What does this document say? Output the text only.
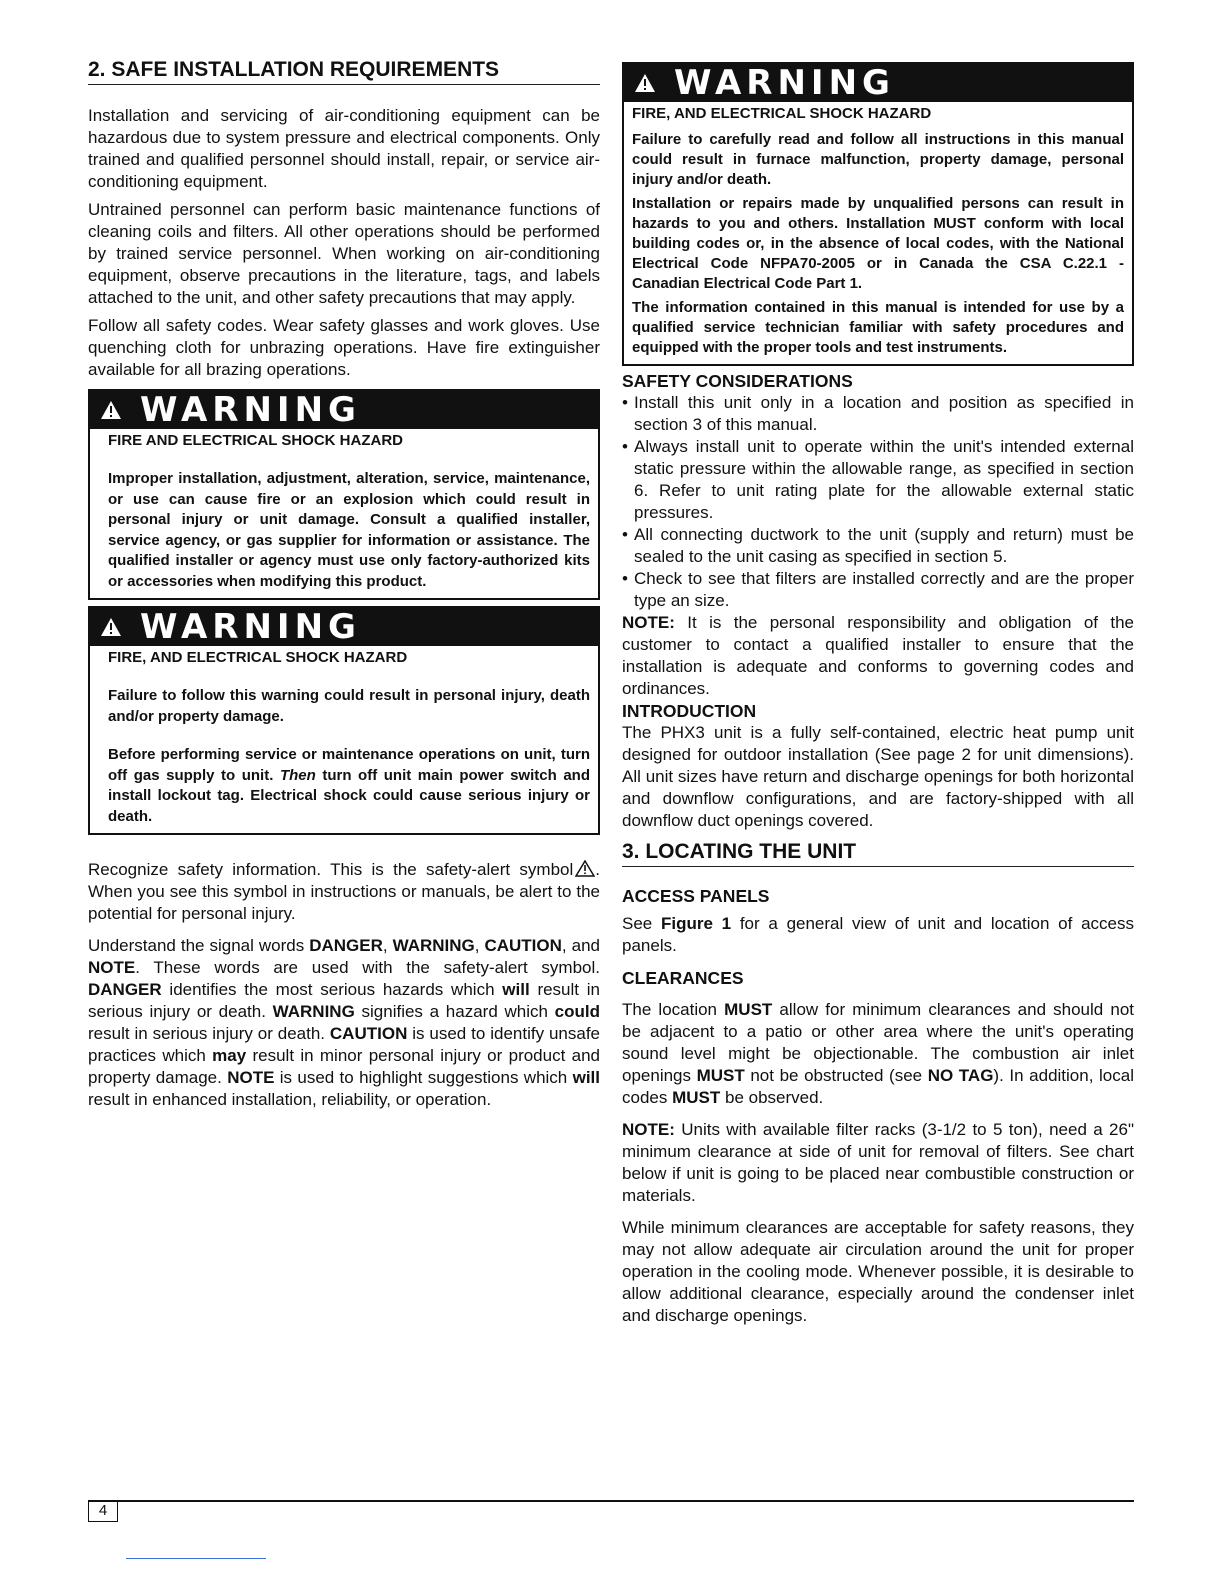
2. SAFE INSTALLATION REQUIREMENTS

Installation and servicing of air-conditioning equipment can be hazardous due to system pressure and electrical components. Only trained and qualified personnel should install, repair, or service air-conditioning equipment.

Untrained personnel can perform basic maintenance functions of cleaning coils and filters. All other operations should be performed by trained service personnel. When working on air-conditioning equipment, observe precautions in the literature, tags, and labels attached to the unit, and other safety precautions that may apply.

Follow all safety codes. Wear safety glasses and work gloves. Use quenching cloth for unbrazing operations. Have fire extinguisher available for all brazing operations.

WARNING

FIRE AND ELECTRICAL SHOCK HAZARD

Improper installation, adjustment, alteration, service, maintenance, or use can cause fire or an explosion which could result in personal injury or unit damage. Consult a qualified installer, service agency, or gas supplier for information or assistance. The qualified installer or agency must use only factory-authorized kits or accessories when modifying this product.

WARNING

FIRE, AND ELECTRICAL SHOCK HAZARD

Failure to follow this warning could result in personal injury, death and/or property damage.

Before performing service or maintenance operations on unit, turn off gas supply to unit. Then turn off unit main power switch and install lockout tag. Electrical shock could cause serious injury or death.

Recognize safety information. This is the safety-alert symbol . When you see this symbol in instructions or manuals, be alert to the potential for personal injury.

Understand the signal words DANGER, WARNING, CAUTION, and NOTE. These words are used with the safety-alert symbol. DANGER identifies the most serious hazards which will result in serious injury or death. WARNING signifies a hazard which could result in serious injury or death. CAUTION is used to identify unsafe practices which may result in minor personal injury or product and property damage. NOTE is used to highlight suggestions which will result in enhanced installation, reliability, or operation.

WARNING

FIRE, AND ELECTRICAL SHOCK HAZARD

Failure to carefully read and follow all instructions in this manual could result in furnace malfunction, property damage, personal injury and/or death.

Installation or repairs made by unqualified persons can result in hazards to you and others. Installation MUST conform with local building codes or, in the absence of local codes, with the National Electrical Code NFPA70-2005 or in Canada the CSA C.22.1 - Canadian Electrical Code Part 1.

The information contained in this manual is intended for use by a qualified service technician familiar with safety procedures and equipped with the proper tools and test instruments.

SAFETY CONSIDERATIONS
• Install this unit only in a location and position as specified in section 3 of this manual.
• Always install unit to operate within the unit's intended external static pressure within the allowable range, as specified in section 6. Refer to unit rating plate for the allowable external static pressures.
• All connecting ductwork to the unit (supply and return) must be sealed to the unit casing as specified in section 5.
• Check to see that filters are installed correctly and are the proper type an size.

NOTE: It is the personal responsibility and obligation of the customer to contact a qualified installer to ensure that the installation is adequate and conforms to governing codes and ordinances.

INTRODUCTION

The PHX3 unit is a fully self-contained, electric heat pump unit designed for outdoor installation (See page 2 for unit dimensions). All unit sizes have return and discharge openings for both horizontal and downflow configurations, and are factory-shipped with all downflow duct openings covered.

3. LOCATING THE UNIT
ACCESS PANELS

See Figure 1 for a general view of unit and location of access panels.

CLEARANCES

The location MUST allow for minimum clearances and should not be adjacent to a patio or other area where the unit's operating sound level might be objectionable. The combustion air inlet openings MUST not be obstructed (see NO TAG). In addition, local codes MUST be observed.

NOTE: Units with available filter racks (3-1/2 to 5 ton), need a 26" minimum clearance at side of unit for removal of filters. See chart below if unit is going to be placed near combustible construction or materials.

While minimum clearances are acceptable for safety reasons, they may not allow adequate air circulation around the unit for proper operation in the cooling mode. Whenever possible, it is desirable to allow additional clearance, especially around the condenser inlet and discharge openings.

4
